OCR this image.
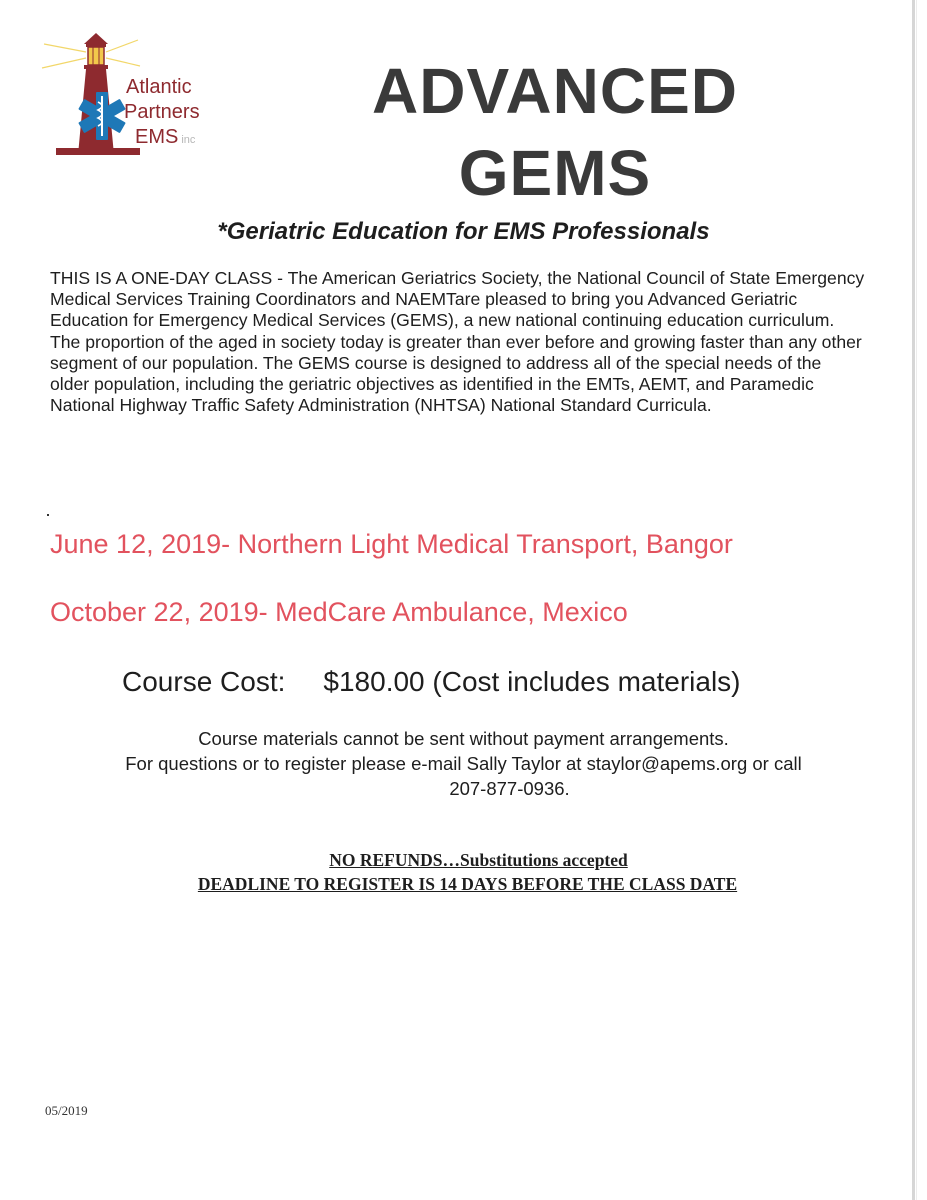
Atlantic
Partners
EMS inc
ADVANCED
GEMS
*Geriatric Education for EMS Professionals
THIS IS A ONE-DAY CLASS - The American Geriatrics Society, the National Council of State Emergency Medical Services Training Coordinators and NAEMTare pleased to bring you Advanced Geriatric Education for Emergency Medical Services (GEMS), a new national continuing education curriculum. The proportion of the aged in society today is greater than ever before and growing faster than any other segment of our population. The GEMS course is designed to address all of the special needs of the older population, including the geriatric objectives as identified in the EMTs, AEMT, and Paramedic National Highway Traffic Safety Administration (NHTSA) National Standard Curricula.
June 12, 2019- Northern Light Medical Transport, Bangor
October 22, 2019- MedCare Ambulance, Mexico
Course Cost: $180.00 (Cost includes materials)
Course materials cannot be sent without payment arrangements.
For questions or to register please e-mail Sally Taylor at staylor@apems.org or call
207-877-0936.
NO REFUNDS…Substitutions accepted
DEADLINE TO REGISTER IS 14 DAYS BEFORE THE CLASS DATE
05/2019
